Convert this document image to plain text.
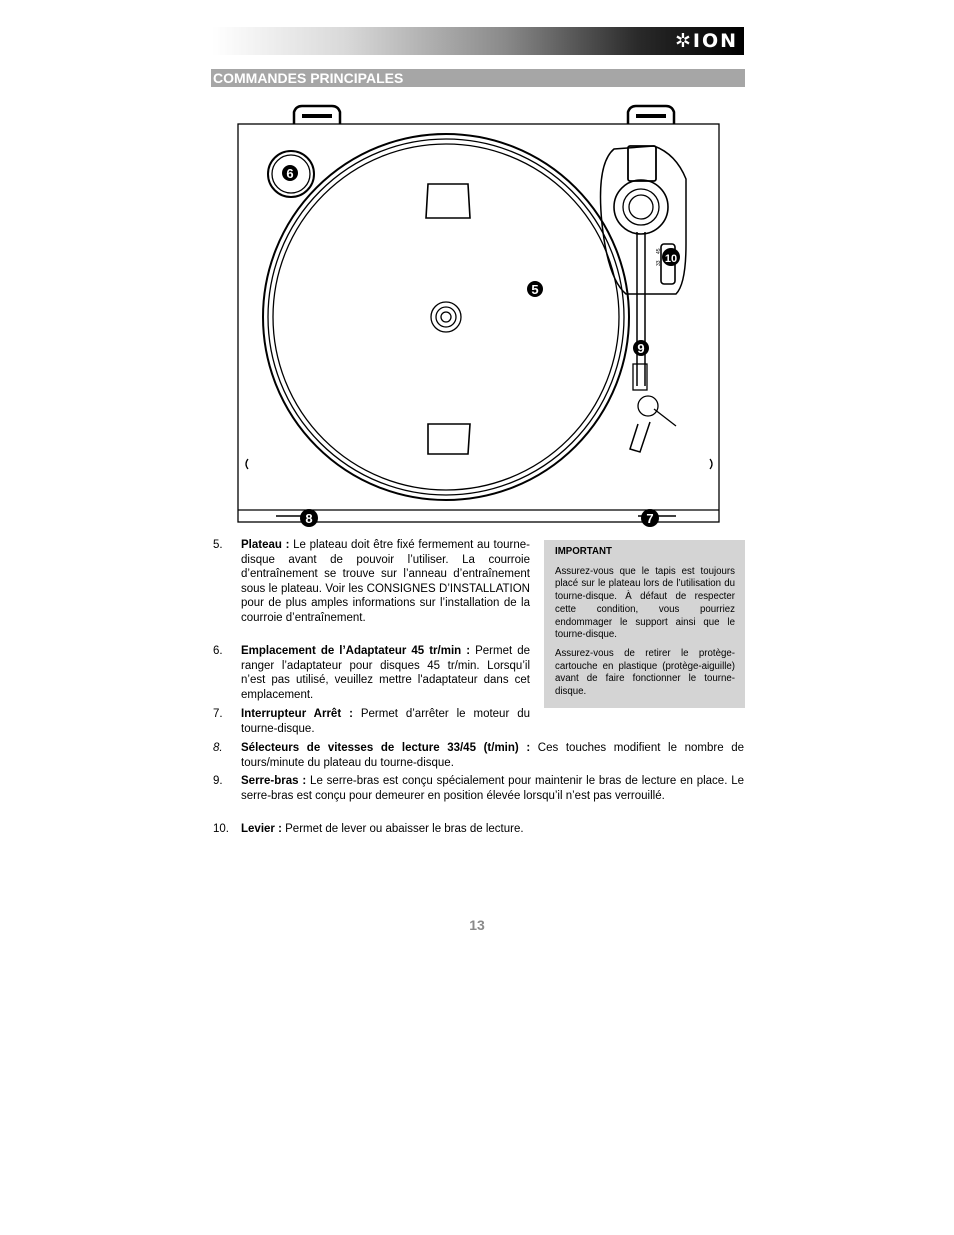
✲ION
COMMANDES PRINCIPALES
33
45
6
5
10
9
8	7
5. Plateau : Le plateau doit être fixé fermement au tourne-disque avant de pouvoir l’utiliser. La courroie d’entraînement se trouve sur l’anneau d’entraînement sous le plateau. Voir les CONSIGNES D’INSTALLATION pour de plus amples informations sur l’installation de la courroie d’entraînement.
6. Emplacement de l’Adaptateur 45 tr/min : Permet de ranger l’adaptateur pour disques 45 tr/min. Lorsqu’il n’est pas utilisé, veuillez mettre l'adaptateur dans cet emplacement.
7. Interrupteur Arrêt : Permet d’arrêter le moteur du tourne-disque.
8. Sélecteurs de vitesses de lecture 33/45 (t/min) : Ces touches modifient le nombre de tours/minute du plateau du tourne-disque.
9. Serre-bras : Le serre-bras est conçu spécialement pour maintenir le bras de lecture en place. Le serre-bras est conçu pour demeurer en position élevée lorsqu’il n’est pas verrouillé.
10. Levier : Permet de lever ou abaisser le bras de lecture.
IMPORTANT

Assurez-vous que le tapis est toujours placé sur le plateau lors de l’utilisation du tourne-disque. À défaut de respecter cette condition, vous pourriez endommager le support ainsi que le tourne-disque.

Assurez-vous de retirer le protège-cartouche en plastique (protège-aiguille) avant de faire fonctionner le tourne-disque.

13
